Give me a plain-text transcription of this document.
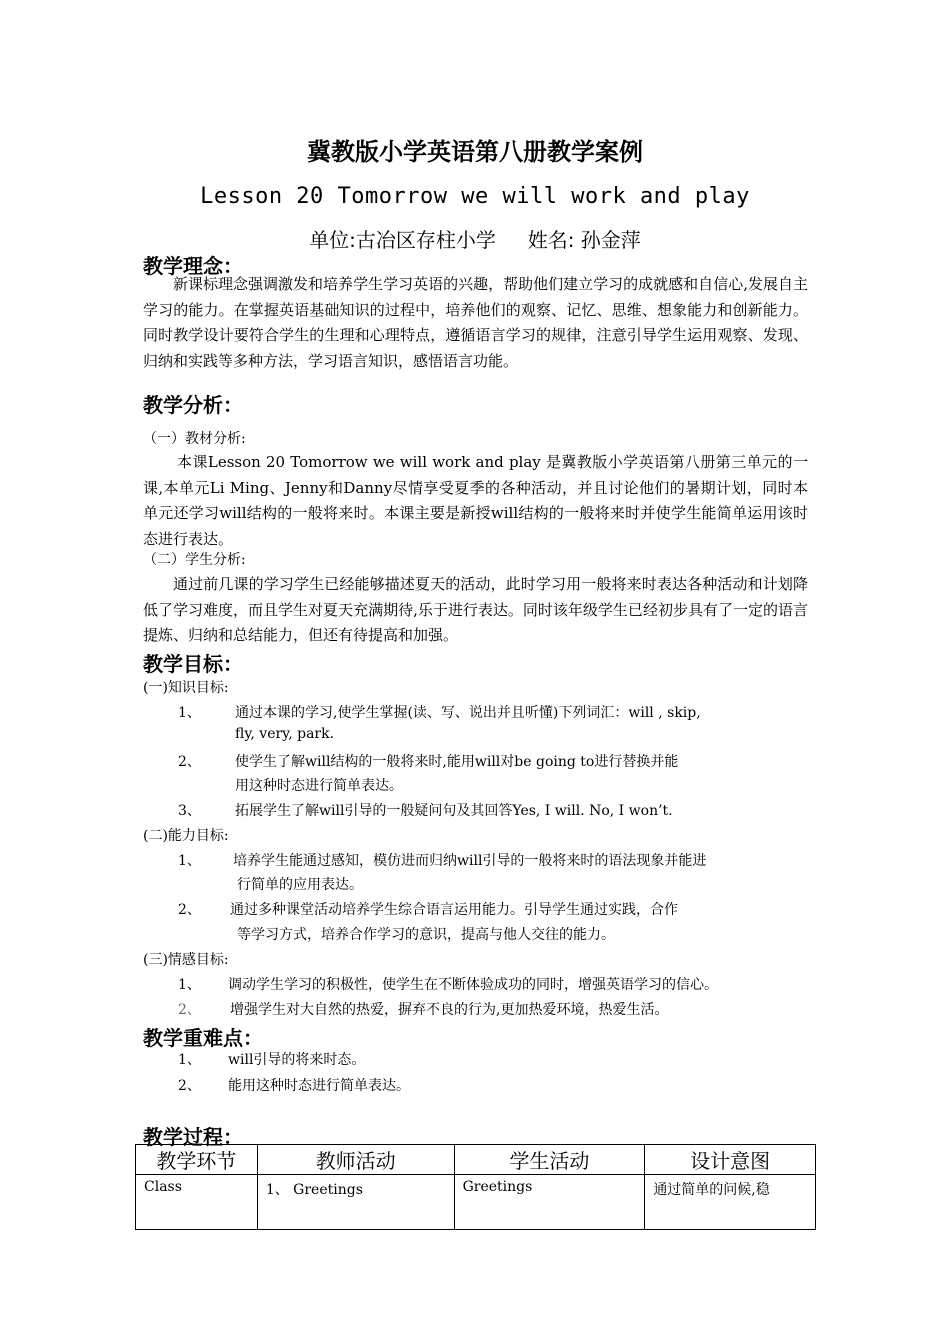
冀教版小学英语第八册教学案例
Lesson 20 Tomorrow we will work and play
单位:古冶区存柱小学     姓名: 孙金萍
教学理念：
新课标理念强调激发和培养学生学习英语的兴趣，帮助他们建立学习的成就感和自信心,发展自主学习的能力。在掌握英语基础知识的过程中，培养他们的观察、记忆、思维、想象能力和创新能力。同时教学设计要符合学生的生理和心理特点，遵循语言学习的规律，注意引导学生运用观察、发现、归纳和实践等多种方法，学习语言知识，感悟语言功能。
教学分析：
（一）教材分析:
本课Lesson 20 Tomorrow we will work and play 是冀教版小学英语第八册第三单元的一课,本单元Li Ming、Jenny和Danny尽情享受夏季的各种活动，并且讨论他们的暑期计划，同时本单元还学习will结构的一般将来时。本课主要是新授will结构的一般将来时并使学生能简单运用该时态进行表达。
（二）学生分析:
通过前几课的学习学生已经能够描述夏天的活动，此时学习用一般将来时表达各种活动和计划降低了学习难度，而且学生对夏天充满期待,乐于进行表达。同时该年级学生已经初步具有了一定的语言提炼、归纳和总结能力，但还有待提高和加强。
教学目标：
(一)知识目标:
1、 通过本课的学习,使学生掌握(读、写、说出并且听懂)下列词汇：will , skip,
fly, very, park.
2、 使学生了解will结构的一般将来时,能用will对be going to进行替换并能
用这种时态进行简单表达。
3、 拓展学生了解will引导的一般疑问句及其回答Yes, I will. No, I won’t.
(二)能力目标:
1、 培养学生能通过感知，模仿进而归纳will引导的一般将来时的语法现象并能进
行简单的应用表达。
2、 通过多种课堂活动培养学生综合语言运用能力。引导学生通过实践，合作
等学习方式，培养合作学习的意识，提高与他人交往的能力。
(三)情感目标:
1、 调动学生学习的积极性，使学生在不断体验成功的同时，增强英语学习的信心。
2、 增强学生对大自然的热爱，摒弃不良的行为,更加热爱环境，热爱生活。
教学重难点：
1、 will引导的将来时态。
2、 能用这种时态进行简单表达。
教学过程：
教学环节	教师活动	学生活动	设计意图
Class	1、 Greetings	Greetings	通过简单的问候,稳
